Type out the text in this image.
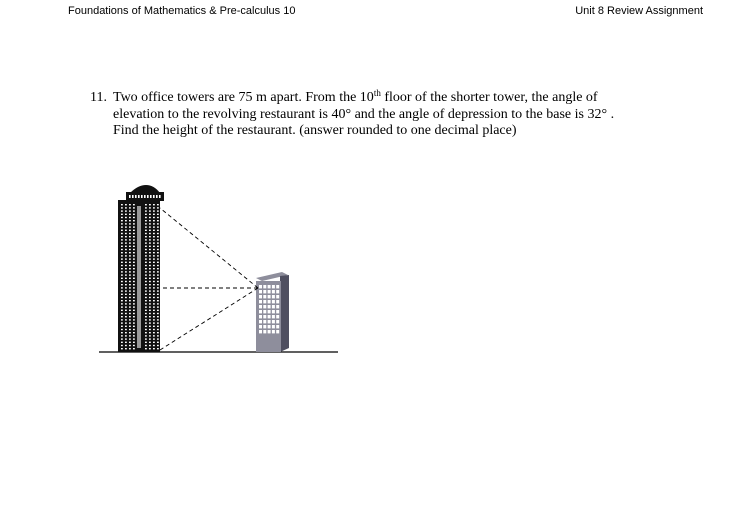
Foundations of Mathematics & Pre-calculus 10	Unit 8 Review Assignment
11. Two office towers are 75 m apart. From the 10th floor of the shorter tower, the angle of
elevation to the revolving restaurant is 40° and the angle of depression to the base is 32° .
Find the height of the restaurant. (answer rounded to one decimal place)
